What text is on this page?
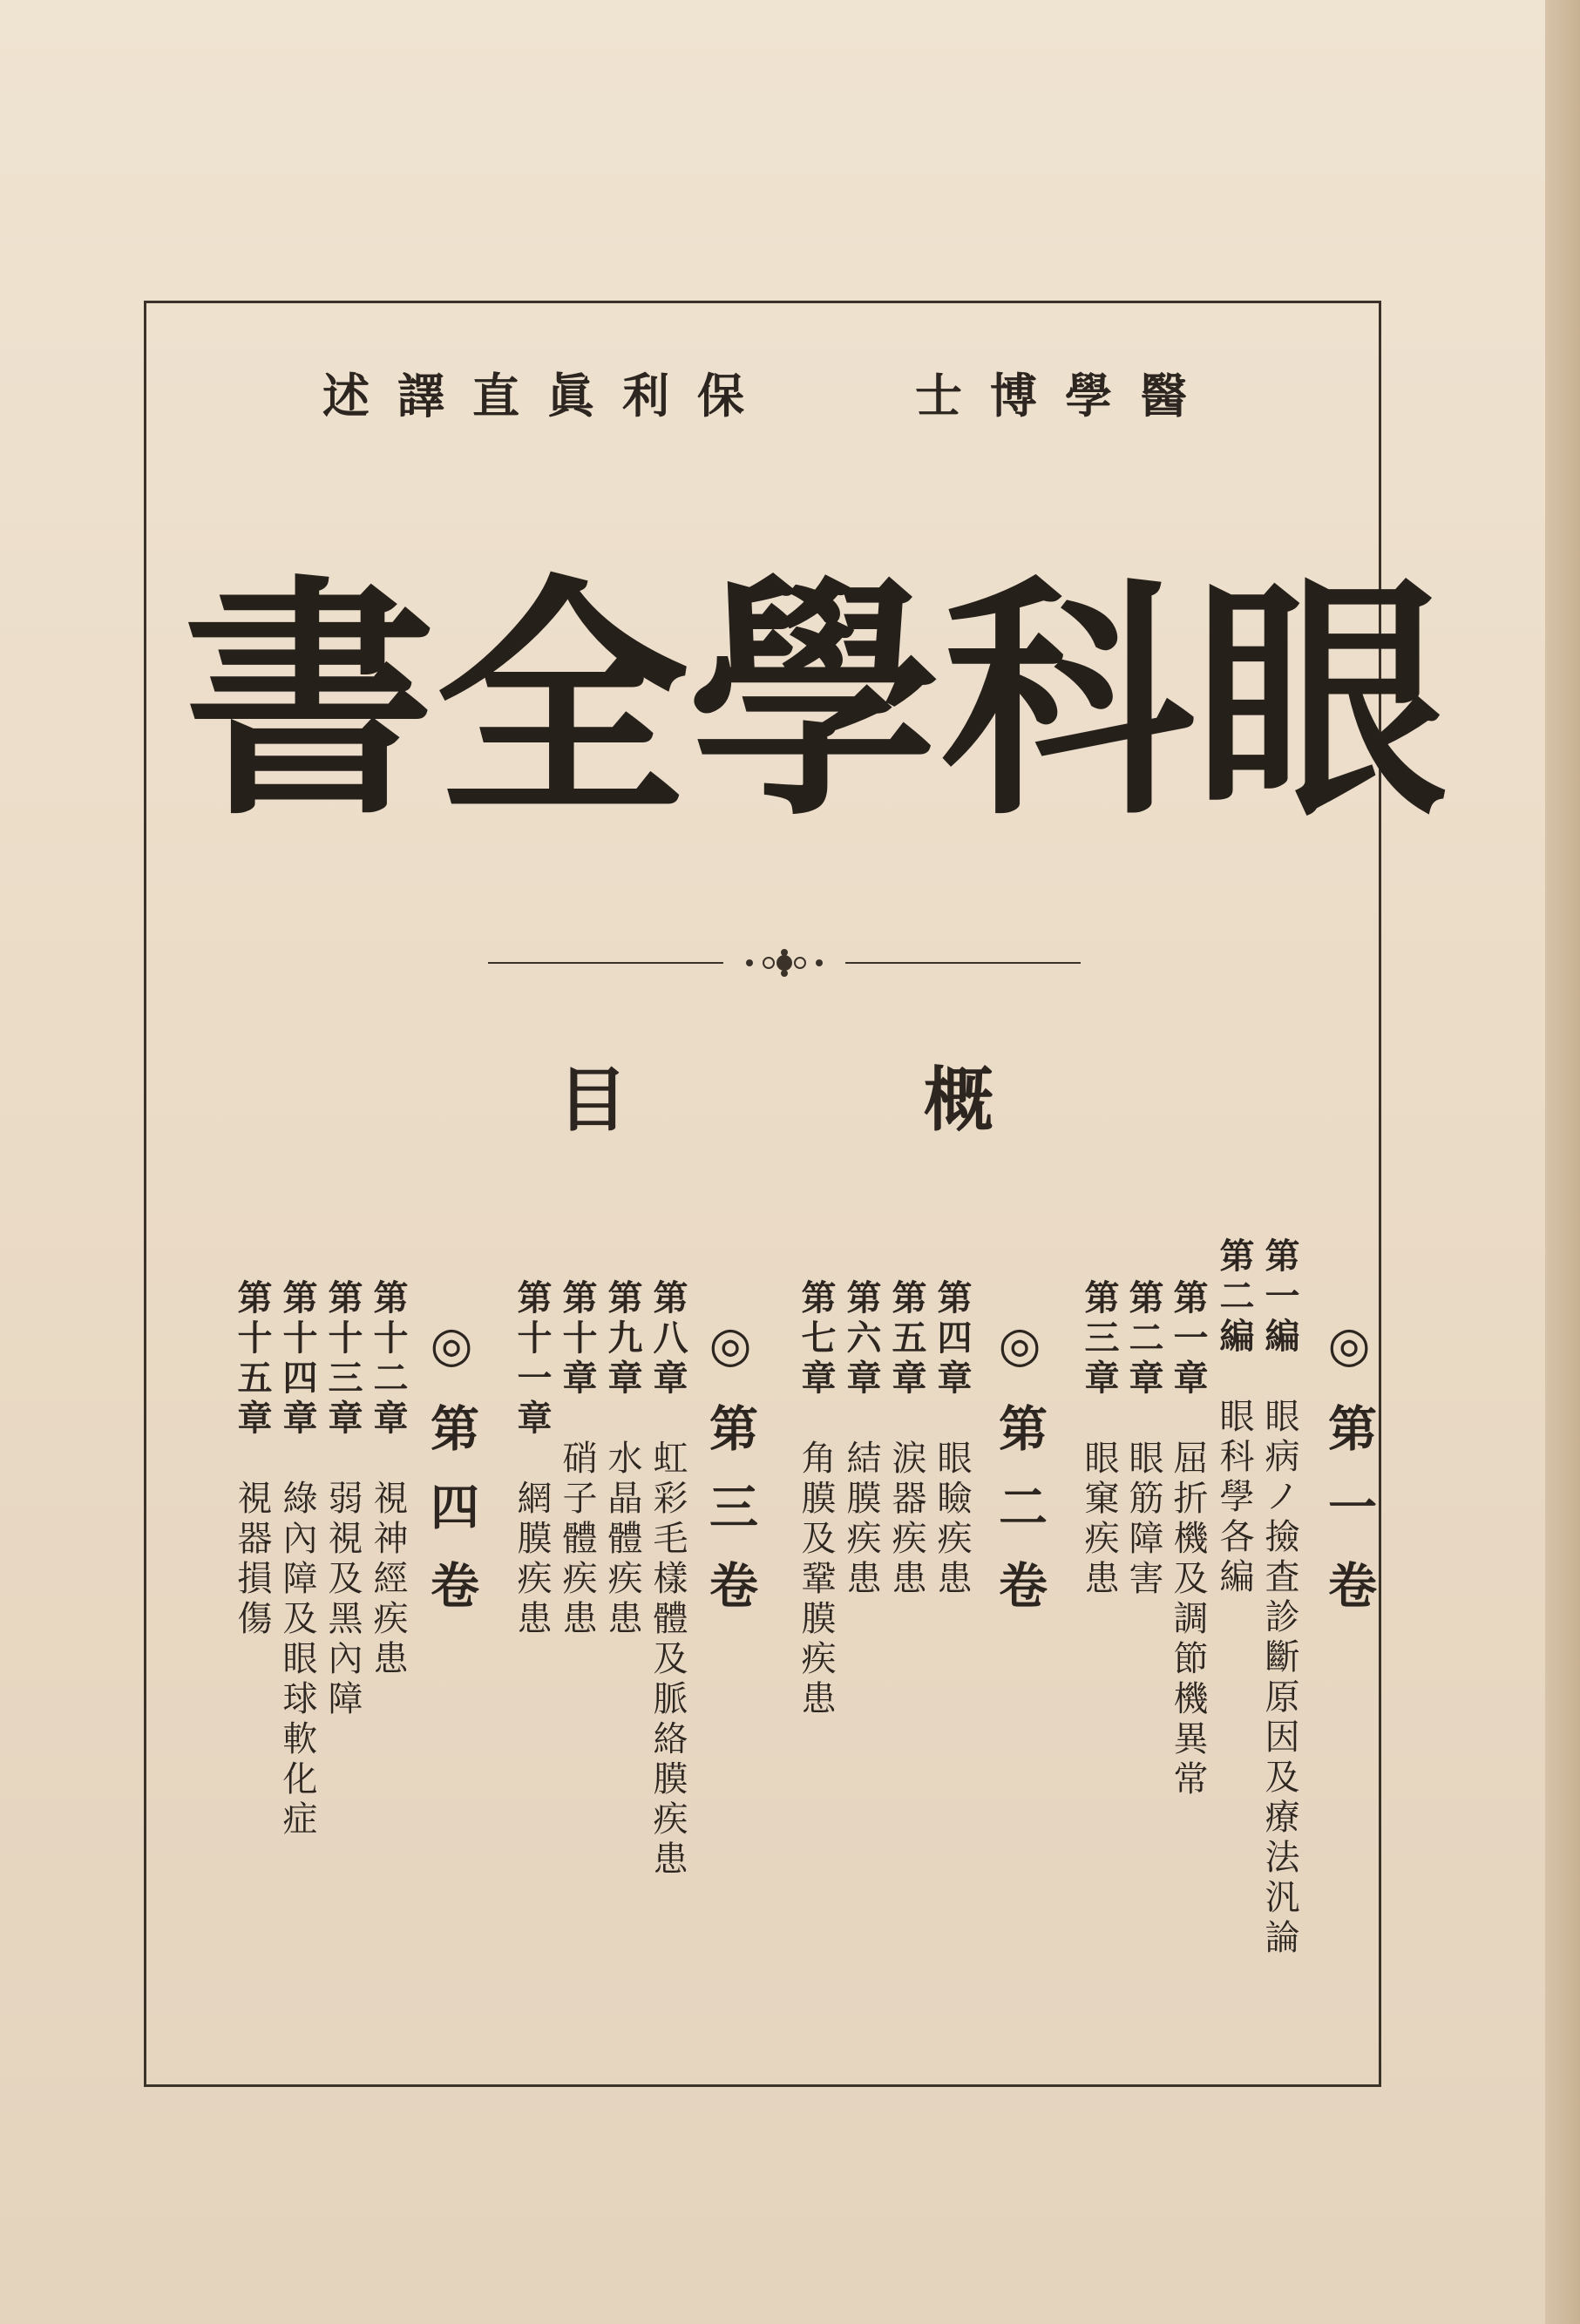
述譯直眞利保	士博學醫
書 全 學 科 眼
目	概
◎第一卷
第一編　眼病ノ撿査診斷原因及療法汎論
第二編　眼科學各編
第一章　屈折機及調節機異常
第二章　眼筋障害
第三章　眼窠疾患
◎第二卷
第四章　眼瞼疾患
第五章　涙器疾患
第六章　結膜疾患
第七章　角膜及鞏膜疾患
◎第三卷
第八章　虹彩毛樣體及脈絡膜疾患
第九章　水晶體疾患
第十章　硝子體疾患
第十一章　網膜疾患
◎第四卷
第十二章　視神經疾患
第十三章　弱視及黑內障
第十四章　綠內障及眼球軟化症
第十五章　視器損傷
